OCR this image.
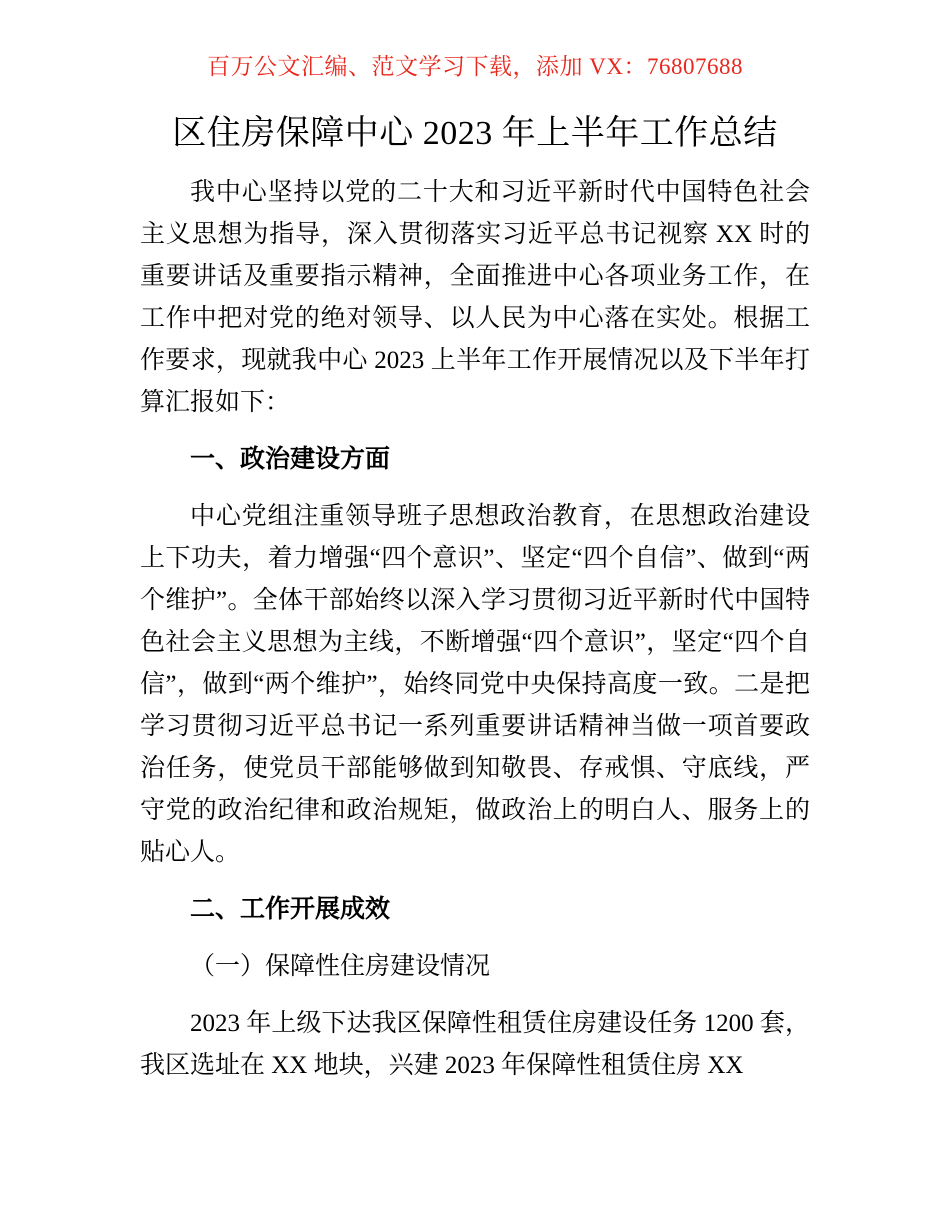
百万公文汇编、范文学习下载，添加 VX：76807688
区住房保障中心 2023 年上半年工作总结

我中心坚持以党的二十大和习近平新时代中国特色社会主义思想为指导，深入贯彻落实习近平总书记视察 XX 时的重要讲话及重要指示精神，全面推进中心各项业务工作，在工作中把对党的绝对领导、以人民为中心落在实处。根据工作要求，现就我中心 2023 上半年工作开展情况以及下半年打算汇报如下：

一、政治建设方面

中心党组注重领导班子思想政治教育，在思想政治建设上下功夫，着力增强“四个意识”、坚定“四个自信”、做到“两个维护”。全体干部始终以深入学习贯彻习近平新时代中国特色社会主义思想为主线，不断增强“四个意识”，坚定“四个自信”，做到“两个维护”，始终同党中央保持高度一致。二是把学习贯彻习近平总书记一系列重要讲话精神当做一项首要政治任务，使党员干部能够做到知敬畏、存戒惧、守底线，严守党的政治纪律和政治规矩，做政治上的明白人、服务上的贴心人。

二、工作开展成效

（一）保障性住房建设情况

2023 年上级下达我区保障性租赁住房建设任务 1200 套，我区选址在 XX 地块，兴建 2023 年保障性租赁住房 XX
